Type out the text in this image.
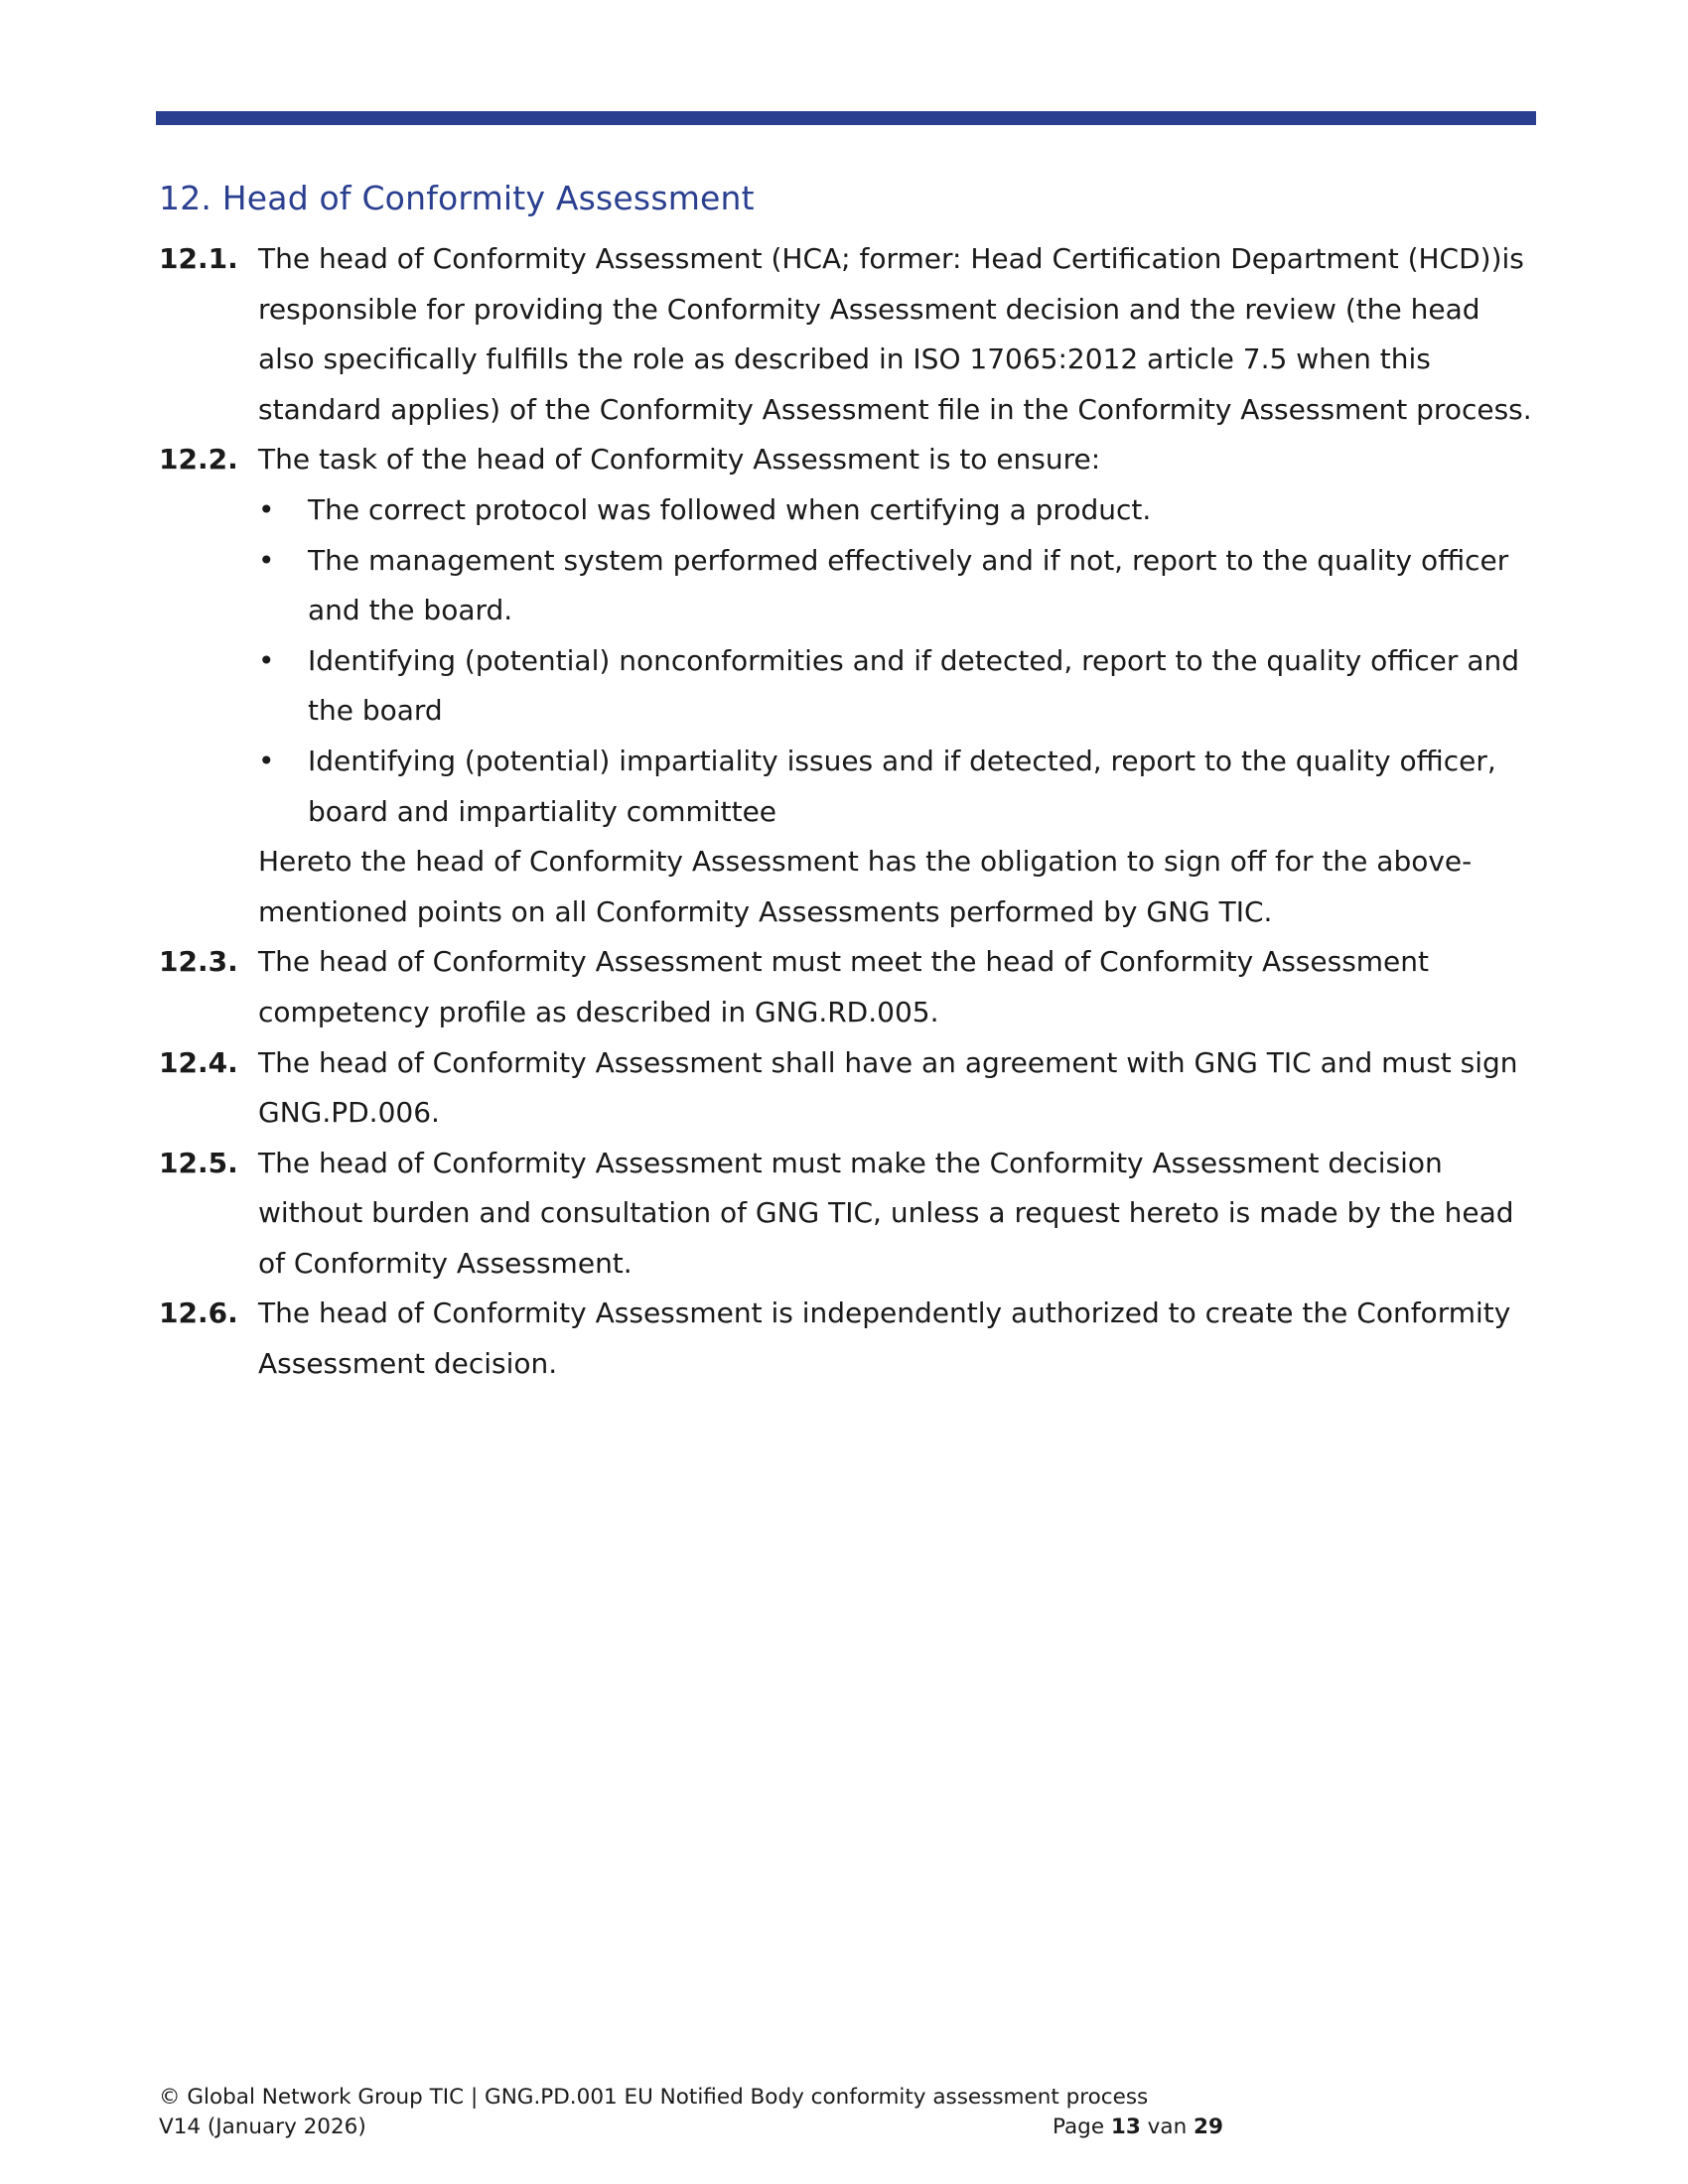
12. Head of Conformity Assessment
12.1. The head of Conformity Assessment (HCA; former: Head Certification Department (HCD))is responsible for providing the Conformity Assessment decision and the review (the head also specifically fulfills the role as described in ISO 17065:2012 article 7.5 when this standard applies) of the Conformity Assessment file in the Conformity Assessment process.
12.2. The task of the head of Conformity Assessment is to ensure:
• The correct protocol was followed when certifying a product.
• The management system performed effectively and if not, report to the quality officer and the board.
• Identifying (potential) nonconformities and if detected, report to the quality officer and the board
• Identifying (potential) impartiality issues and if detected, report to the quality officer, board and impartiality committee
Hereto the head of Conformity Assessment has the obligation to sign off for the above-mentioned points on all Conformity Assessments performed by GNG TIC.
12.3. The head of Conformity Assessment must meet the head of Conformity Assessment competency profile as described in GNG.RD.005.
12.4. The head of Conformity Assessment shall have an agreement with GNG TIC and must sign GNG.PD.006.
12.5. The head of Conformity Assessment must make the Conformity Assessment decision without burden and consultation of GNG TIC, unless a request hereto is made by the head of Conformity Assessment.
12.6. The head of Conformity Assessment is independently authorized to create the Conformity Assessment decision.
© Global Network Group TIC | GNG.PD.001 EU Notified Body conformity assessment process
V14 (January 2026)	Page 13 van 29
